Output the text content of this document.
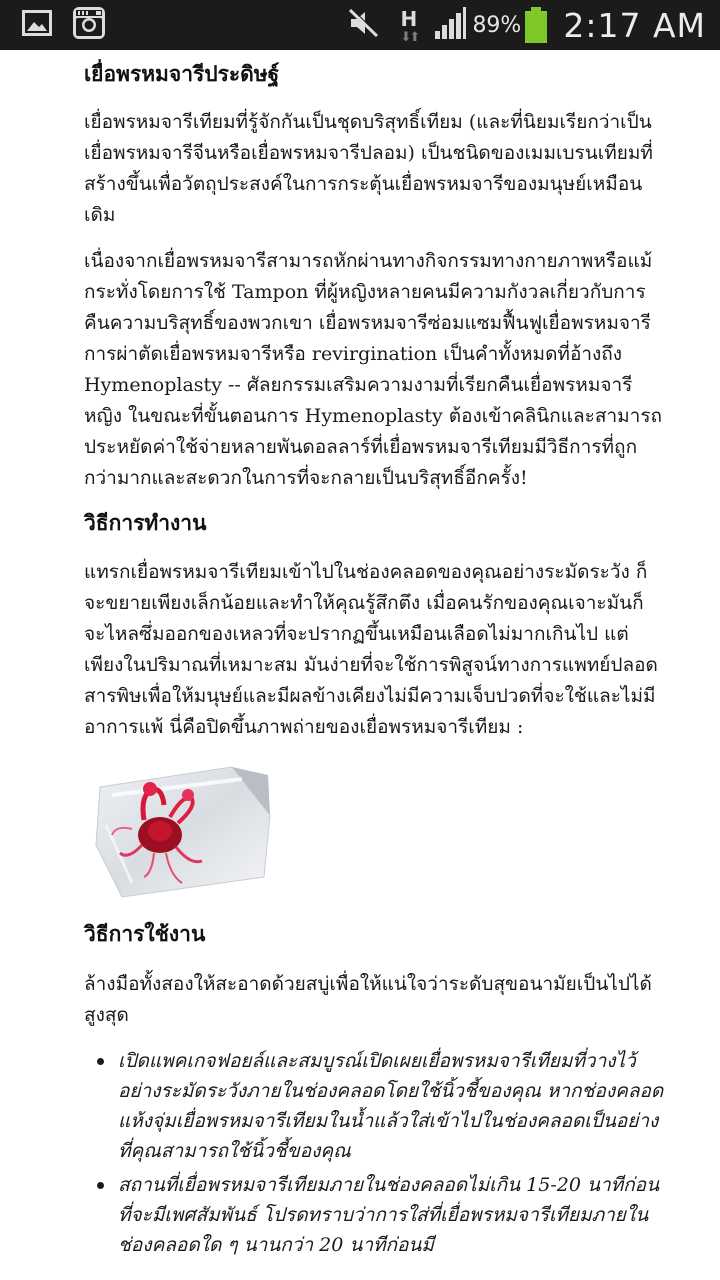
H
⬇⬆ 89% 2:17 AM
เยื่อพรหมจารีประดิษฐ์

เยื่อพรหมจารีเทียมที่รู้จักกันเป็นชุดบริสุทธิ์เทียม (และที่นิยมเรียกว่าเป็นเยื่อพรหมจารีจีนหรือเยื่อพรหมจารีปลอม) เป็นชนิดของเมมเบรนเทียมที่สร้างขึ้นเพื่อวัตถุประสงค์ในการกระตุ้นเยื่อพรหมจารีของมนุษย์เหมือนเดิม

เนื่องจากเยื่อพรหมจารีสามารถหักผ่านทางกิจกรรมทางกายภาพหรือแม้กระทั่งโดยการใช้ Tampon ที่ผู้หญิงหลายคนมีความกังวลเกี่ยวกับการคืนความบริสุทธิ์ของพวกเขา เยื่อพรหมจารีซ่อมแซมฟื้นฟูเยื่อพรหมจารีการผ่าตัดเยื่อพรหมจารีหรือ revirgination เป็นคำทั้งหมดที่อ้างถึง Hymenoplasty -- ศัลยกรรมเสริมความงามที่เรียกคืนเยื่อพรหมจารีหญิง ในขณะที่ขั้นตอนการ Hymenoplasty ต้องเข้าคลินิกและสามารถประหยัดค่าใช้จ่ายหลายพันดอลลาร์ที่เยื่อพรหมจารีเทียมมีวิธีการที่ถูกกว่ามากและสะดวกในการที่จะกลายเป็นบริสุทธิ์อีกครั้ง!

วิธีการทำงาน

แทรกเยื่อพรหมจารีเทียมเข้าไปในช่องคลอดของคุณอย่างระมัดระวัง ก็จะขยายเพียงเล็กน้อยและทำให้คุณรู้สึกตึง เมื่อคนรักของคุณเจาะมันก็จะไหลซึ่มออกของเหลวที่จะปรากฏขึ้นเหมือนเลือดไม่มากเกินไป แต่เพียงในปริมาณที่เหมาะสม มันง่ายที่จะใช้การพิสูจน์ทางการแพทย์ปลอดสารพิษเพื่อให้มนุษย์และมีผลข้างเคียงไม่มีความเจ็บปวดที่จะใช้และไม่มีอาการแพ้ นี่คือปิดขึ้นภาพถ่ายของเยื่อพรหมจารีเทียม :

วิธีการใช้งาน

ล้างมือทั้งสองให้สะอาดด้วยสบู่เพื่อให้แน่ใจว่าระดับสุขอนามัยเป็นไปได้สูงสุด

เปิดแพคเกจฟอยล์และสมบูรณ์เปิดเผยเยื่อพรหมจารีเทียมที่วางไว้อย่างระมัดระวังภายในช่องคลอดโดยใช้นิ้วชี้ของคุณ หากช่องคลอดแห้งจุ่มเยื่อพรหมจารีเทียมในน้ำแล้วใส่เข้าไปในช่องคลอดเป็นอย่างที่คุณสามารถใช้นิ้วชี้ของคุณ
สถานที่เยื่อพรหมจารีเทียมภายในช่องคลอดไม่เกิน 15-20 นาทีก่อนที่จะมีเพศสัมพันธ์ โปรดทราบว่าการใส่ที่เยื่อพรหมจารีเทียมภายในช่องคลอดใด ๆ นานกว่า 20 นาทีก่อนมี
